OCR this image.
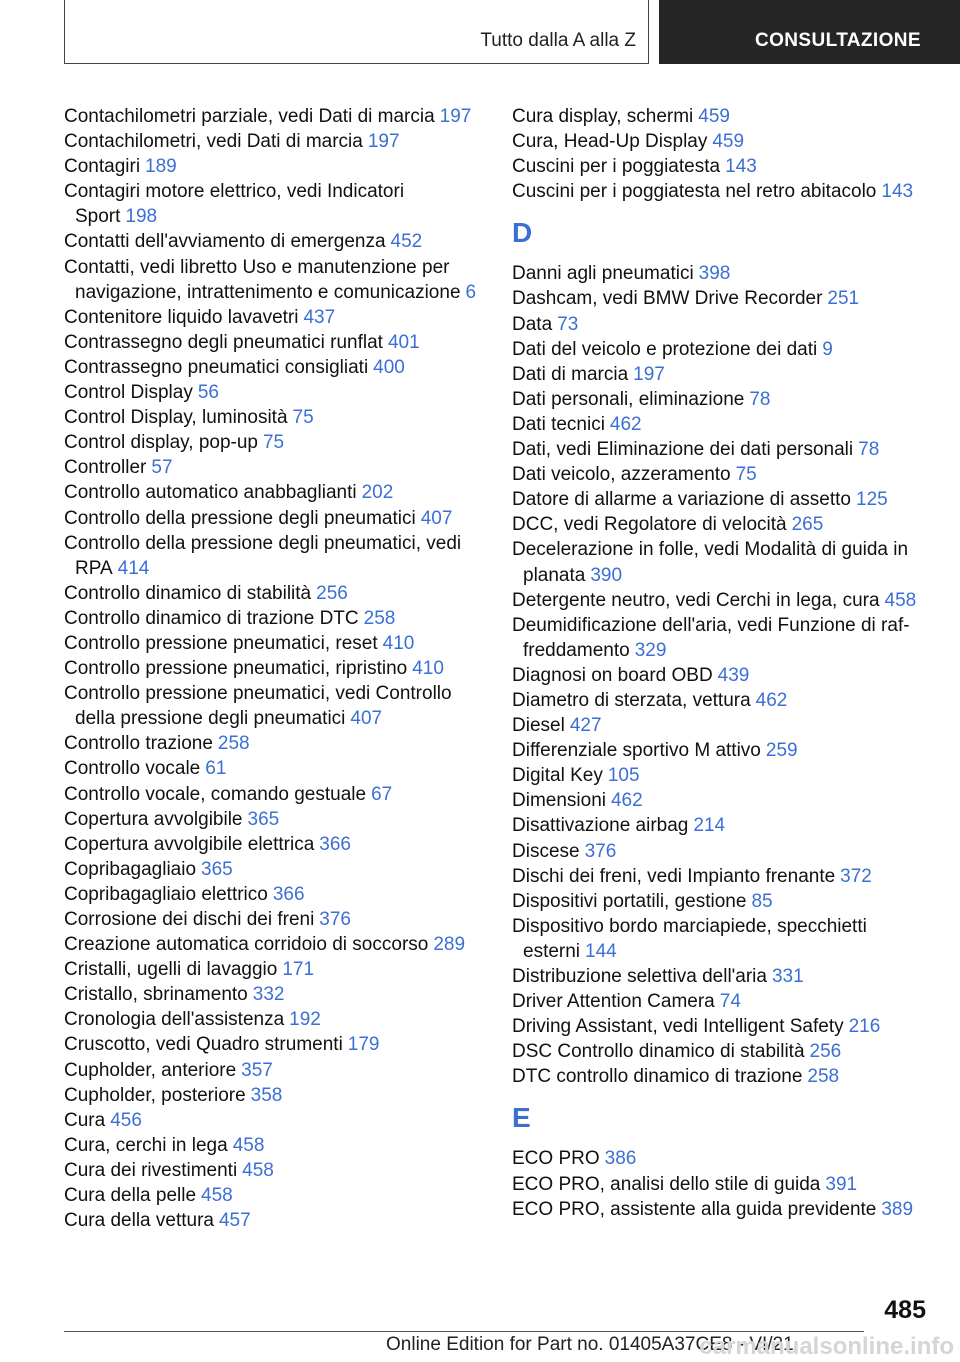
Tutto dalla A alla Z	CONSULTAZIONE
Contachilometri parziale, vedi Dati di marcia 197
Contachilometri, vedi Dati di marcia 197
Contagiri 189
Contagiri motore elettrico, vedi Indicatori Sport 198
Contatti dell'avviamento di emergenza 452
Contatti, vedi libretto Uso e manutenzione per navigazione, intrattenimento e comunicazione 6
Contenitore liquido lavavetri 437
Contrassegno degli pneumatici runflat 401
Contrassegno pneumatici consigliati 400
Control Display 56
Control Display, luminosità 75
Control display, pop-up 75
Controller 57
Controllo automatico anabbaglianti 202
Controllo della pressione degli pneumatici 407
Controllo della pressione degli pneumatici, vedi RPA 414
Controllo dinamico di stabilità 256
Controllo dinamico di trazione DTC 258
Controllo pressione pneumatici, reset 410
Controllo pressione pneumatici, ripristino 410
Controllo pressione pneumatici, vedi Controllo della pressione degli pneumatici 407
Controllo trazione 258
Controllo vocale 61
Controllo vocale, comando gestuale 67
Copertura avvolgibile 365
Copertura avvolgibile elettrica 366
Copribagagliaio 365
Copribagagliaio elettrico 366
Corrosione dei dischi dei freni 376
Creazione automatica corridoio di soccorso 289
Cristalli, ugelli di lavaggio 171
Cristallo, sbrinamento 332
Cronologia dell'assistenza 192
Cruscotto, vedi Quadro strumenti 179
Cupholder, anteriore 357
Cupholder, posteriore 358
Cura 456
Cura, cerchi in lega 458
Cura dei rivestimenti 458
Cura della pelle 458
Cura della vettura 457
Cura display, schermi 459
Cura, Head-Up Display 459
Cuscini per i poggiatesta 143
Cuscini per i poggiatesta nel retro abitacolo 143
D
Danni agli pneumatici 398
Dashcam, vedi BMW Drive Recorder 251
Data 73
Dati del veicolo e protezione dei dati 9
Dati di marcia 197
Dati personali, eliminazione 78
Dati tecnici 462
Dati, vedi Eliminazione dei dati personali 78
Dati veicolo, azzeramento 75
Datore di allarme a variazione di assetto 125
DCC, vedi Regolatore di velocità 265
Decelerazione in folle, vedi Modalità di guida in planata 390
Detergente neutro, vedi Cerchi in lega, cura 458
Deumidificazione dell'aria, vedi Funzione di raffreddamento 329
Diagnosi on board OBD 439
Diametro di sterzata, vettura 462
Diesel 427
Differenziale sportivo M attivo 259
Digital Key 105
Dimensioni 462
Disattivazione airbag 214
Discese 376
Dischi dei freni, vedi Impianto frenante 372
Dispositivi portatili, gestione 85
Dispositivo bordo marciapiede, specchietti esterni 144
Distribuzione selettiva dell'aria 331
Driver Attention Camera 74
Driving Assistant, vedi Intelligent Safety 216
DSC Controllo dinamico di stabilità 256
DTC controllo dinamico di trazione 258
E
ECO PRO 386
ECO PRO, analisi dello stile di guida 391
ECO PRO, assistente alla guida previdente 389
485
Online Edition for Part no. 01405A37CE8 - VI/21
carmanualsonline.info
